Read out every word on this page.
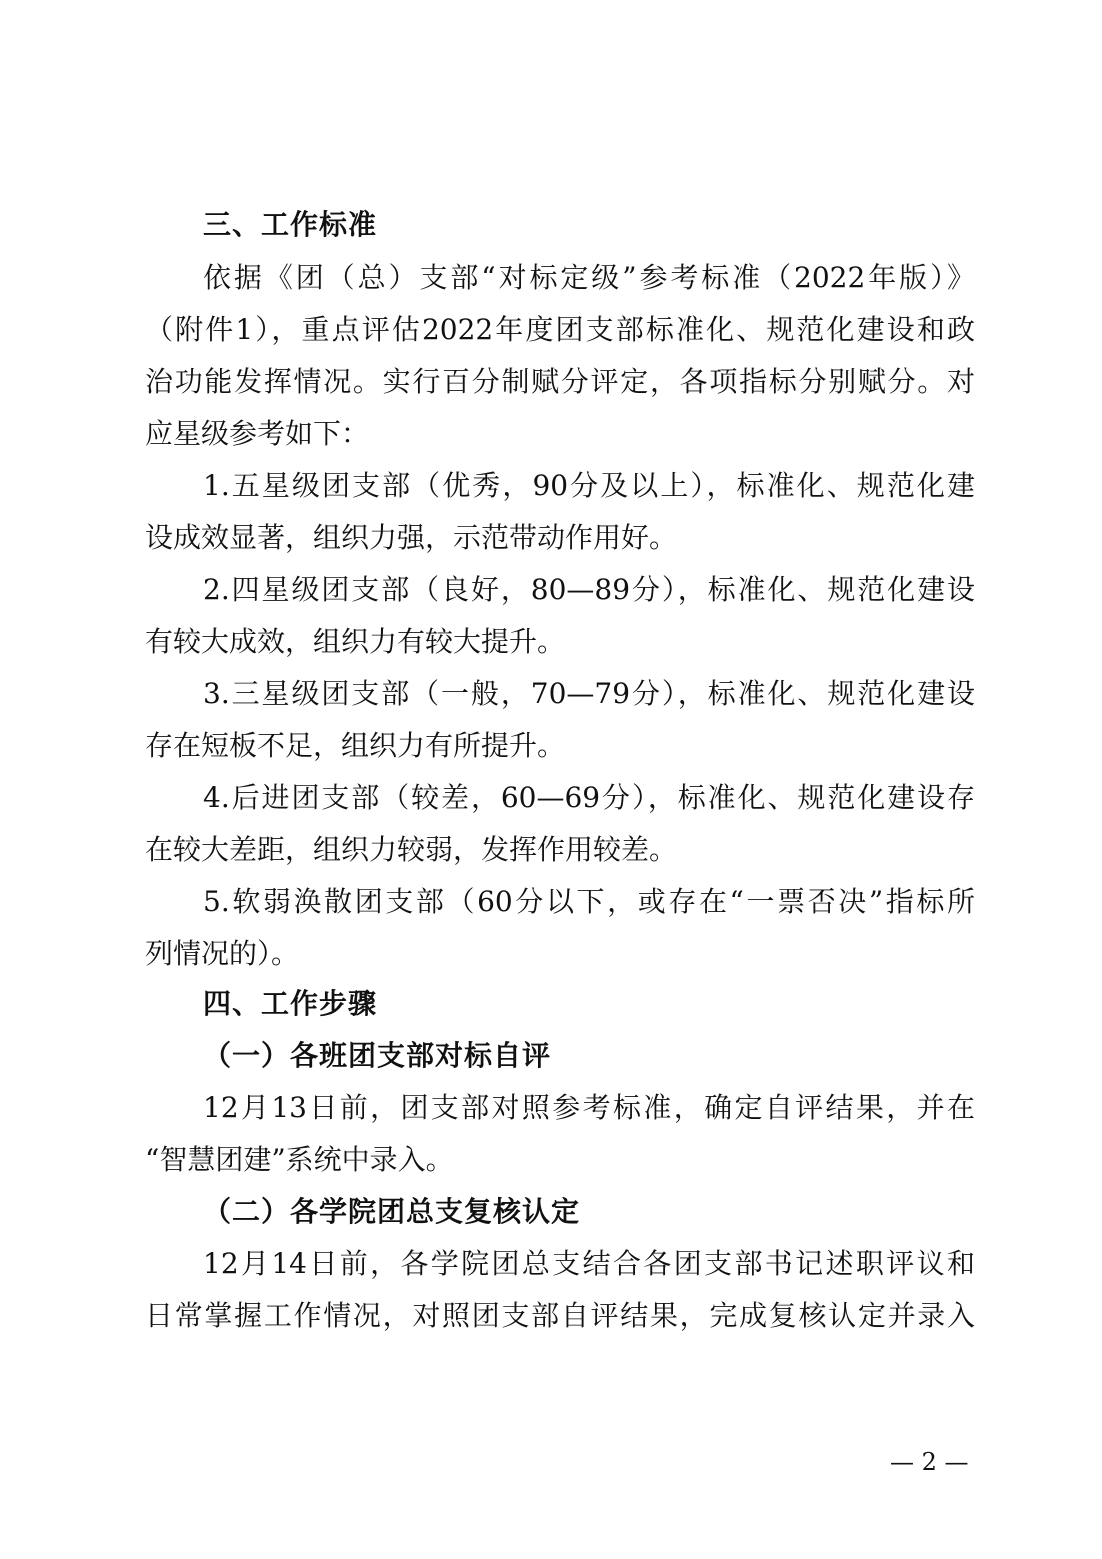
三、工作标准
依据《团（总）支部“对标定级”参考标准（2022年版）》
（附件1），重点评估2022年度团支部标准化、规范化建设和政
治功能发挥情况。实行百分制赋分评定，各项指标分别赋分。对
应星级参考如下：
1.五星级团支部（优秀，90分及以上），标准化、规范化建
设成效显著，组织力强，示范带动作用好。
2.四星级团支部（良好，80—89分），标准化、规范化建设
有较大成效，组织力有较大提升。
3.三星级团支部（一般，70—79分），标准化、规范化建设
存在短板不足，组织力有所提升。
4.后进团支部（较差，60—69分），标准化、规范化建设存
在较大差距，组织力较弱，发挥作用较差。
5.软弱涣散团支部（60分以下，或存在“一票否决”指标所
列情况的）。
四、工作步骤
（一）各班团支部对标自评
12月13日前，团支部对照参考标准，确定自评结果，并在
“智慧团建”系统中录入。
（二）各学院团总支复核认定
12月14日前，各学院团总支结合各团支部书记述职评议和
日常掌握工作情况，对照团支部自评结果，完成复核认定并录入
— 2 —
